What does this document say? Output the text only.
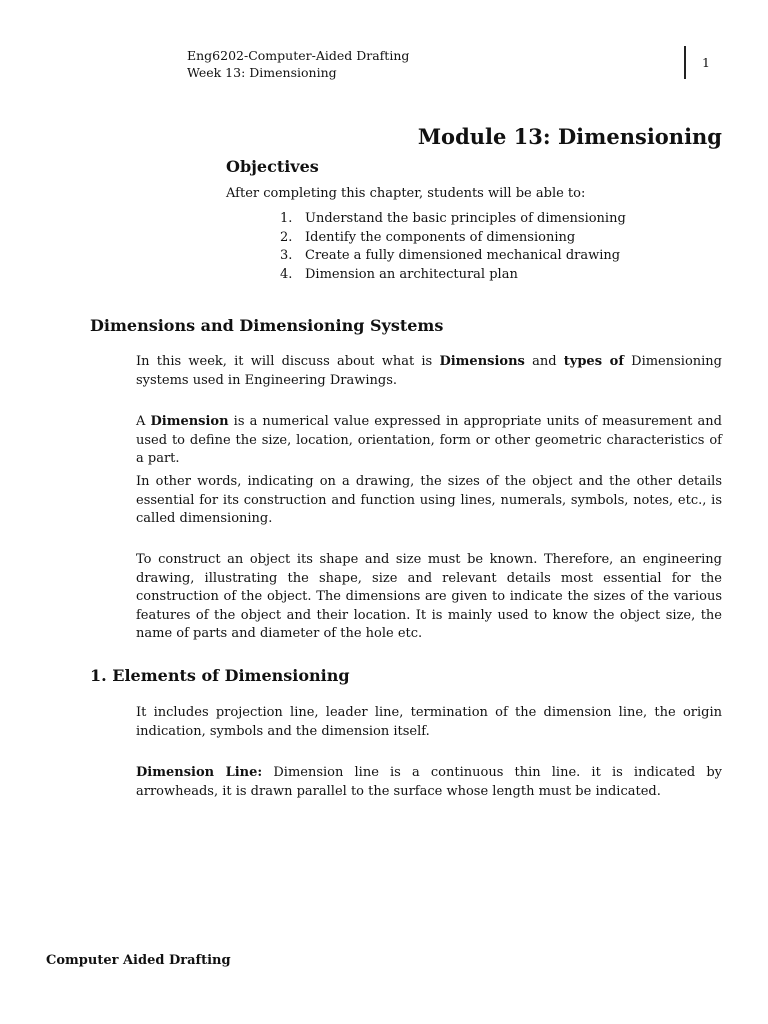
Eng6202-Computer-Aided Drafting
Week 13: Dimensioning
1
Module 13: Dimensioning
Objectives
After completing this chapter, students will be able to:
1. Understand the basic principles of dimensioning
2. Identify the components of dimensioning
3. Create a fully dimensioned mechanical drawing
4. Dimension an architectural plan
Dimensions and Dimensioning Systems

In this week, it will discuss about what is Dimensions and types of Dimensioning systems used in Engineering Drawings.

A Dimension is a numerical value expressed in appropriate units of measurement and used to define the size, location, orientation, form or other geometric characteristics of a part.

In other words, indicating on a drawing, the sizes of the object and the other details essential for its construction and function using lines, numerals, symbols, notes, etc., is called dimensioning.

To construct an object its shape and size must be known. Therefore, an engineering drawing, illustrating the shape, size and relevant details most essential for the construction of the object. The dimensions are given to indicate the sizes of the various features of the object and their location. It is mainly used to know the object size, the name of parts and diameter of the hole etc.

1. Elements of Dimensioning

It includes projection line, leader line, termination of the dimension line, the origin indication, symbols and the dimension itself.

Dimension Line: Dimension line is a continuous thin line. it is indicated by arrowheads, it is drawn parallel to the surface whose length must be indicated.

Computer Aided Drafting
